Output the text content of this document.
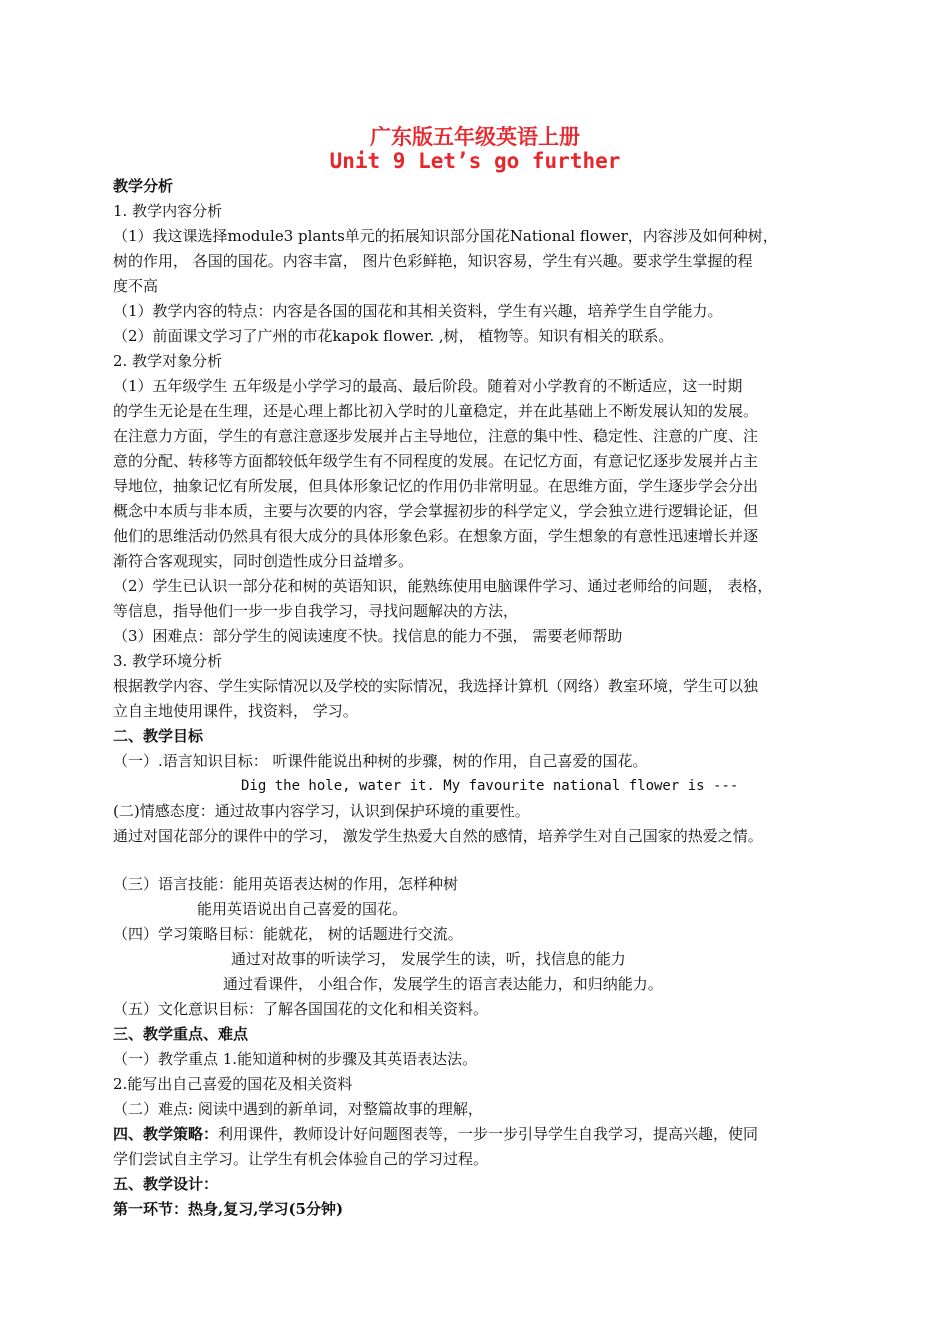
广东版五年级英语上册
Unit 9 Let’s go further

教学分析

1. 教学内容分析

（1）我这课选择module3 plants单元的拓展知识部分国花National flower，内容涉及如何种树，

树的作用， 各国的国花。内容丰富， 图片色彩鲜艳，知识容易，学生有兴趣。要求学生掌握的程

度不高

（1）教学内容的特点：内容是各国的国花和其相关资料，学生有兴趣，培养学生自学能力。

（2）前面课文学习了广州的市花kapok flower. ,树， 植物等。知识有相关的联系。

2. 教学对象分析

（1）五年级学生 五年级是小学学习的最高、最后阶段。随着对小学教育的不断适应，这一时期

的学生无论是在生理，还是心理上都比初入学时的儿童稳定，并在此基础上不断发展认知的发展。

在注意力方面，学生的有意注意逐步发展并占主导地位，注意的集中性、稳定性、注意的广度、注

意的分配、转移等方面都较低年级学生有不同程度的发展。在记忆方面，有意记忆逐步发展并占主

导地位，抽象记忆有所发展，但具体形象记忆的作用仍非常明显。在思维方面，学生逐步学会分出

概念中本质与非本质，主要与次要的内容，学会掌握初步的科学定义，学会独立进行逻辑论证，但

他们的思维活动仍然具有很大成分的具体形象色彩。在想象方面，学生想象的有意性迅速增长并逐

渐符合客观现实，同时创造性成分日益增多。

（2）学生已认识一部分花和树的英语知识，能熟练使用电脑课件学习、通过老师给的问题， 表格，

等信息，指导他们一步一步自我学习，寻找问题解决的方法，

（3）困难点：部分学生的阅读速度不快。找信息的能力不强， 需要老师帮助

3. 教学环境分析

根据教学内容、学生实际情况以及学校的实际情况，我选择计算机（网络）教室环境，学生可以独

立自主地使用课件，找资料， 学习。

二、教学目标

（一）.语言知识目标： 听课件能说出种树的步骤，树的作用，自己喜爱的国花。

Dig the hole, water it. My favourite national flower is ---

(二)情感态度：通过故事内容学习，认识到保护环境的重要性。

通过对国花部分的课件中的学习， 激发学生热爱大自然的感情，培养学生对自己国家的热爱之情。

（三）语言技能：能用英语表达树的作用，怎样种树

能用英语说出自己喜爱的国花。

（四）学习策略目标：能就花， 树的话题进行交流。

通过对故事的听读学习， 发展学生的读，听，找信息的能力

通过看课件， 小组合作，发展学生的语言表达能力，和归纳能力。

（五）文化意识目标：了解各国国花的文化和相关资料。

三、教学重点、难点

（一）教学重点 1.能知道种树的步骤及其英语表达法。

2.能写出自己喜爱的国花及相关资料

（二）难点: 阅读中遇到的新单词，对整篇故事的理解，

四、教学策略：利用课件，教师设计好问题图表等，一步一步引导学生自我学习，提高兴趣，使同

学们尝试自主学习。让学生有机会体验自己的学习过程。

五、教学设计：

第一环节：热身,复习,学习(5分钟)
